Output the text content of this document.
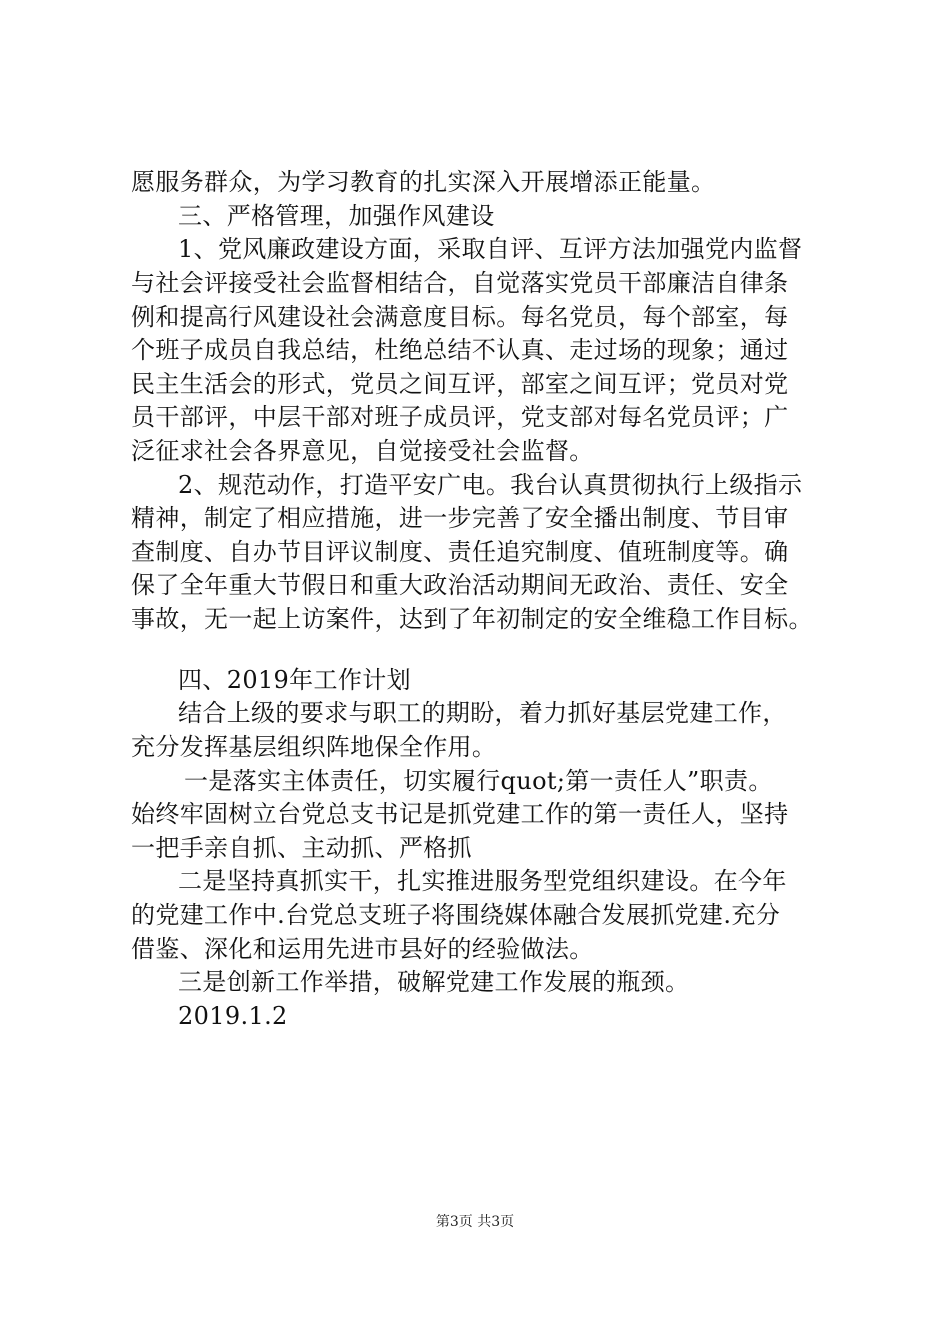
愿服务群众，为学习教育的扎实深入开展增添正能量。
三、严格管理，加强作风建设
1、党风廉政建设方面，采取自评、互评方法加强党内监督
与社会评接受社会监督相结合，自觉落实党员干部廉洁自律条
例和提高行风建设社会满意度目标。每名党员，每个部室，每
个班子成员自我总结，杜绝总结不认真、走过场的现象；通过
民主生活会的形式，党员之间互评，部室之间互评；党员对党
员干部评，中层干部对班子成员评，党支部对每名党员评；广
泛征求社会各界意见，自觉接受社会监督。
2、规范动作，打造平安广电。我台认真贯彻执行上级指示
精神，制定了相应措施，进一步完善了安全播出制度、节目审
查制度、自办节目评议制度、责任追究制度、值班制度等。确
保了全年重大节假日和重大政治活动期间无政治、责任、安全
事故，无一起上访案件，达到了年初制定的安全维稳工作目标。
四、2019年工作计划
结合上级的要求与职工的期盼，着力抓好基层党建工作，
充分发挥基层组织阵地保全作用。
一是落实主体责任，切实履行quot;第一责任人”职责。
始终牢固树立台党总支书记是抓党建工作的第一责任人，坚持
一把手亲自抓、主动抓、严格抓
二是坚持真抓实干，扎实推进服务型党组织建设。在今年
的党建工作中.台党总支班子将围绕媒体融合发展抓党建.充分
借鉴、深化和运用先进市县好的经验做法。
三是创新工作举措，破解党建工作发展的瓶颈。
2019.1.2
第3页 共3页
